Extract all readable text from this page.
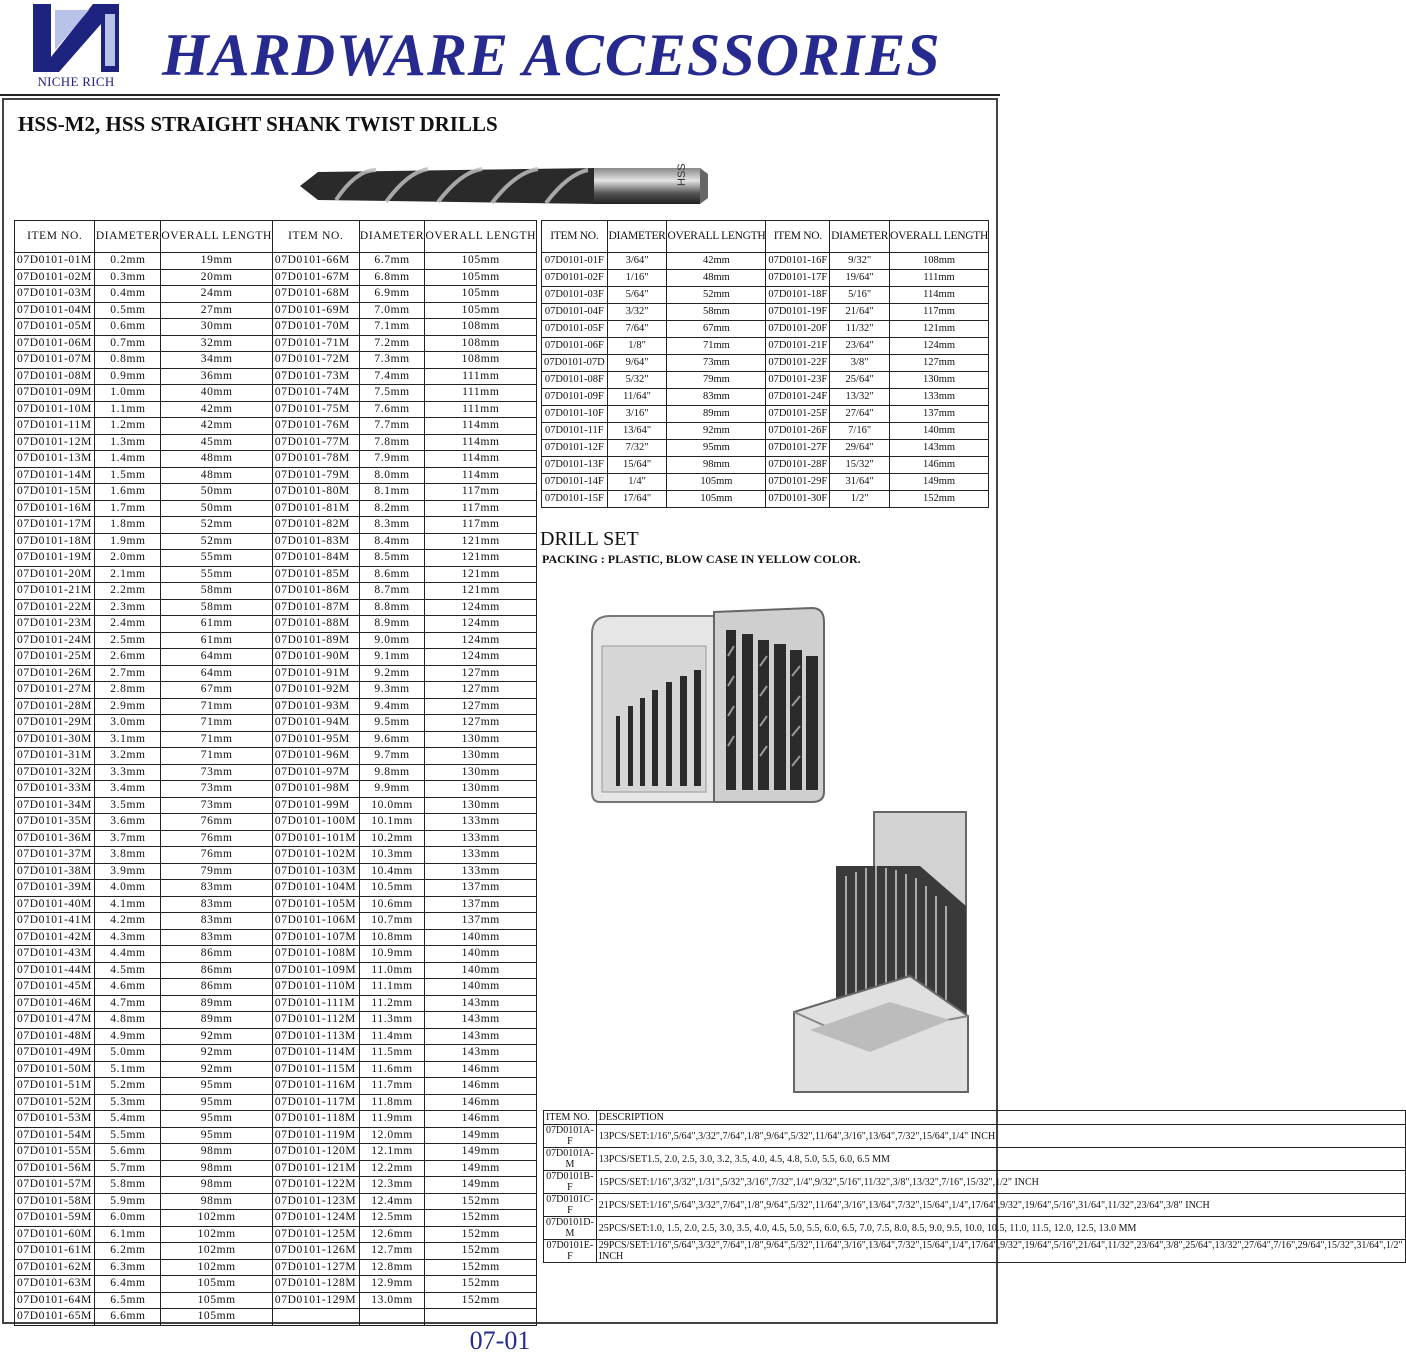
NICHE RICH HARDWARE ACCESSORIES
HSS-M2, HSS STRAIGHT SHANK TWIST DRILLS
HSS
ITEM NO.	DIAMETER	OVERALL LENGTH	ITEM NO.	DIAMETER	OVERALL LENGTH
07D0101-01M	0.2mm	19mm	07D0101-66M	6.7mm	105mm
07D0101-02M	0.3mm	20mm	07D0101-67M	6.8mm	105mm
07D0101-03M	0.4mm	24mm	07D0101-68M	6.9mm	105mm
07D0101-04M	0.5mm	27mm	07D0101-69M	7.0mm	105mm
07D0101-05M	0.6mm	30mm	07D0101-70M	7.1mm	108mm
07D0101-06M	0.7mm	32mm	07D0101-71M	7.2mm	108mm
07D0101-07M	0.8mm	34mm	07D0101-72M	7.3mm	108mm
07D0101-08M	0.9mm	36mm	07D0101-73M	7.4mm	111mm
07D0101-09M	1.0mm	40mm	07D0101-74M	7.5mm	111mm
07D0101-10M	1.1mm	42mm	07D0101-75M	7.6mm	111mm
07D0101-11M	1.2mm	42mm	07D0101-76M	7.7mm	114mm
07D0101-12M	1.3mm	45mm	07D0101-77M	7.8mm	114mm
07D0101-13M	1.4mm	48mm	07D0101-78M	7.9mm	114mm
07D0101-14M	1.5mm	48mm	07D0101-79M	8.0mm	114mm
07D0101-15M	1.6mm	50mm	07D0101-80M	8.1mm	117mm
07D0101-16M	1.7mm	50mm	07D0101-81M	8.2mm	117mm
07D0101-17M	1.8mm	52mm	07D0101-82M	8.3mm	117mm
07D0101-18M	1.9mm	52mm	07D0101-83M	8.4mm	121mm
07D0101-19M	2.0mm	55mm	07D0101-84M	8.5mm	121mm
07D0101-20M	2.1mm	55mm	07D0101-85M	8.6mm	121mm
07D0101-21M	2.2mm	58mm	07D0101-86M	8.7mm	121mm
07D0101-22M	2.3mm	58mm	07D0101-87M	8.8mm	124mm
07D0101-23M	2.4mm	61mm	07D0101-88M	8.9mm	124mm
07D0101-24M	2.5mm	61mm	07D0101-89M	9.0mm	124mm
07D0101-25M	2.6mm	64mm	07D0101-90M	9.1mm	124mm
07D0101-26M	2.7mm	64mm	07D0101-91M	9.2mm	127mm
07D0101-27M	2.8mm	67mm	07D0101-92M	9.3mm	127mm
07D0101-28M	2.9mm	71mm	07D0101-93M	9.4mm	127mm
07D0101-29M	3.0mm	71mm	07D0101-94M	9.5mm	127mm
07D0101-30M	3.1mm	71mm	07D0101-95M	9.6mm	130mm
07D0101-31M	3.2mm	71mm	07D0101-96M	9.7mm	130mm
07D0101-32M	3.3mm	73mm	07D0101-97M	9.8mm	130mm
07D0101-33M	3.4mm	73mm	07D0101-98M	9.9mm	130mm
07D0101-34M	3.5mm	73mm	07D0101-99M	10.0mm	130mm
07D0101-35M	3.6mm	76mm	07D0101-100M	10.1mm	133mm
07D0101-36M	3.7mm	76mm	07D0101-101M	10.2mm	133mm
07D0101-37M	3.8mm	76mm	07D0101-102M	10.3mm	133mm
07D0101-38M	3.9mm	79mm	07D0101-103M	10.4mm	133mm
07D0101-39M	4.0mm	83mm	07D0101-104M	10.5mm	137mm
07D0101-40M	4.1mm	83mm	07D0101-105M	10.6mm	137mm
07D0101-41M	4.2mm	83mm	07D0101-106M	10.7mm	137mm
07D0101-42M	4.3mm	83mm	07D0101-107M	10.8mm	140mm
07D0101-43M	4.4mm	86mm	07D0101-108M	10.9mm	140mm
07D0101-44M	4.5mm	86mm	07D0101-109M	11.0mm	140mm
07D0101-45M	4.6mm	86mm	07D0101-110M	11.1mm	140mm
07D0101-46M	4.7mm	89mm	07D0101-111M	11.2mm	143mm
07D0101-47M	4.8mm	89mm	07D0101-112M	11.3mm	143mm
07D0101-48M	4.9mm	92mm	07D0101-113M	11.4mm	143mm
07D0101-49M	5.0mm	92mm	07D0101-114M	11.5mm	143mm
07D0101-50M	5.1mm	92mm	07D0101-115M	11.6mm	146mm
07D0101-51M	5.2mm	95mm	07D0101-116M	11.7mm	146mm
07D0101-52M	5.3mm	95mm	07D0101-117M	11.8mm	146mm
07D0101-53M	5.4mm	95mm	07D0101-118M	11.9mm	146mm
07D0101-54M	5.5mm	95mm	07D0101-119M	12.0mm	149mm
07D0101-55M	5.6mm	98mm	07D0101-120M	12.1mm	149mm
07D0101-56M	5.7mm	98mm	07D0101-121M	12.2mm	149mm
07D0101-57M	5.8mm	98mm	07D0101-122M	12.3mm	149mm
07D0101-58M	5.9mm	98mm	07D0101-123M	12.4mm	152mm
07D0101-59M	6.0mm	102mm	07D0101-124M	12.5mm	152mm
07D0101-60M	6.1mm	102mm	07D0101-125M	12.6mm	152mm
07D0101-61M	6.2mm	102mm	07D0101-126M	12.7mm	152mm
07D0101-62M	6.3mm	102mm	07D0101-127M	12.8mm	152mm
07D0101-63M	6.4mm	105mm	07D0101-128M	12.9mm	152mm
07D0101-64M	6.5mm	105mm	07D0101-129M	13.0mm	152mm
07D0101-65M	6.6mm	105mm			
ITEM NO.	DIAMETER	OVERALL LENGTH	ITEM NO.	DIAMETER	OVERALL LENGTH
07D0101-01F	3/64"	42mm	07D0101-16F	9/32"	108mm
07D0101-02F	1/16"	48mm	07D0101-17F	19/64"	111mm
07D0101-03F	5/64"	52mm	07D0101-18F	5/16"	114mm
07D0101-04F	3/32"	58mm	07D0101-19F	21/64"	117mm
07D0101-05F	7/64"	67mm	07D0101-20F	11/32"	121mm
07D0101-06F	1/8"	71mm	07D0101-21F	23/64"	124mm
07D0101-07D	9/64"	73mm	07D0101-22F	3/8"	127mm
07D0101-08F	5/32"	79mm	07D0101-23F	25/64"	130mm
07D0101-09F	11/64"	83mm	07D0101-24F	13/32"	133mm
07D0101-10F	3/16"	89mm	07D0101-25F	27/64"	137mm
07D0101-11F	13/64"	92mm	07D0101-26F	7/16"	140mm
07D0101-12F	7/32"	95mm	07D0101-27F	29/64"	143mm
07D0101-13F	15/64"	98mm	07D0101-28F	15/32"	146mm
07D0101-14F	1/4"	105mm	07D0101-29F	31/64"	149mm
07D0101-15F	17/64"	105mm	07D0101-30F	1/2"	152mm
DRILL SET
PACKING : PLASTIC, BLOW CASE IN YELLOW COLOR.
ITEM NO.	DESCRIPTION
07D0101A-F	13PCS/SET:1/16",5/64",3/32",7/64",1/8",9/64",5/32",11/64",3/16",13/64",7/32",15/64",1/4" INCH
07D0101A-M	13PCS/SET1.5, 2.0, 2.5, 3.0, 3.2, 3.5, 4.0, 4.5, 4.8, 5.0, 5.5, 6.0, 6.5 MM
07D0101B-F	15PCS/SET:1/16",3/32",1/31",5/32",3/16",7/32",1/4",9/32",5/16",11/32",3/8",13/32",7/16",15/32",1/2" INCH
07D0101C-F	21PCS/SET:1/16",5/64",3/32",7/64",1/8",9/64",5/32",11/64",3/16",13/64",7/32",15/64",1/4",17/64",9/32",19/64",5/16",31/64",11/32",23/64",3/8" INCH
07D0101D-M	25PCS/SET:1.0, 1.5, 2.0, 2.5, 3.0, 3.5, 4.0, 4.5, 5.0, 5.5, 6.0, 6.5, 7.0, 7.5, 8.0, 8.5, 9.0, 9.5, 10.0, 10.5, 11.0, 11.5, 12.0, 12.5, 13.0 MM
07D0101E-F	29PCS/SET:1/16",5/64",3/32",7/64",1/8",9/64",5/32",11/64",3/16",13/64",7/32",15/64",1/4",17/64",9/32",19/64",5/16",21/64",11/32",23/64",3/8",25/64",13/32",27/64",7/16",29/64",15/32",31/64",1/2" INCH
07-01
